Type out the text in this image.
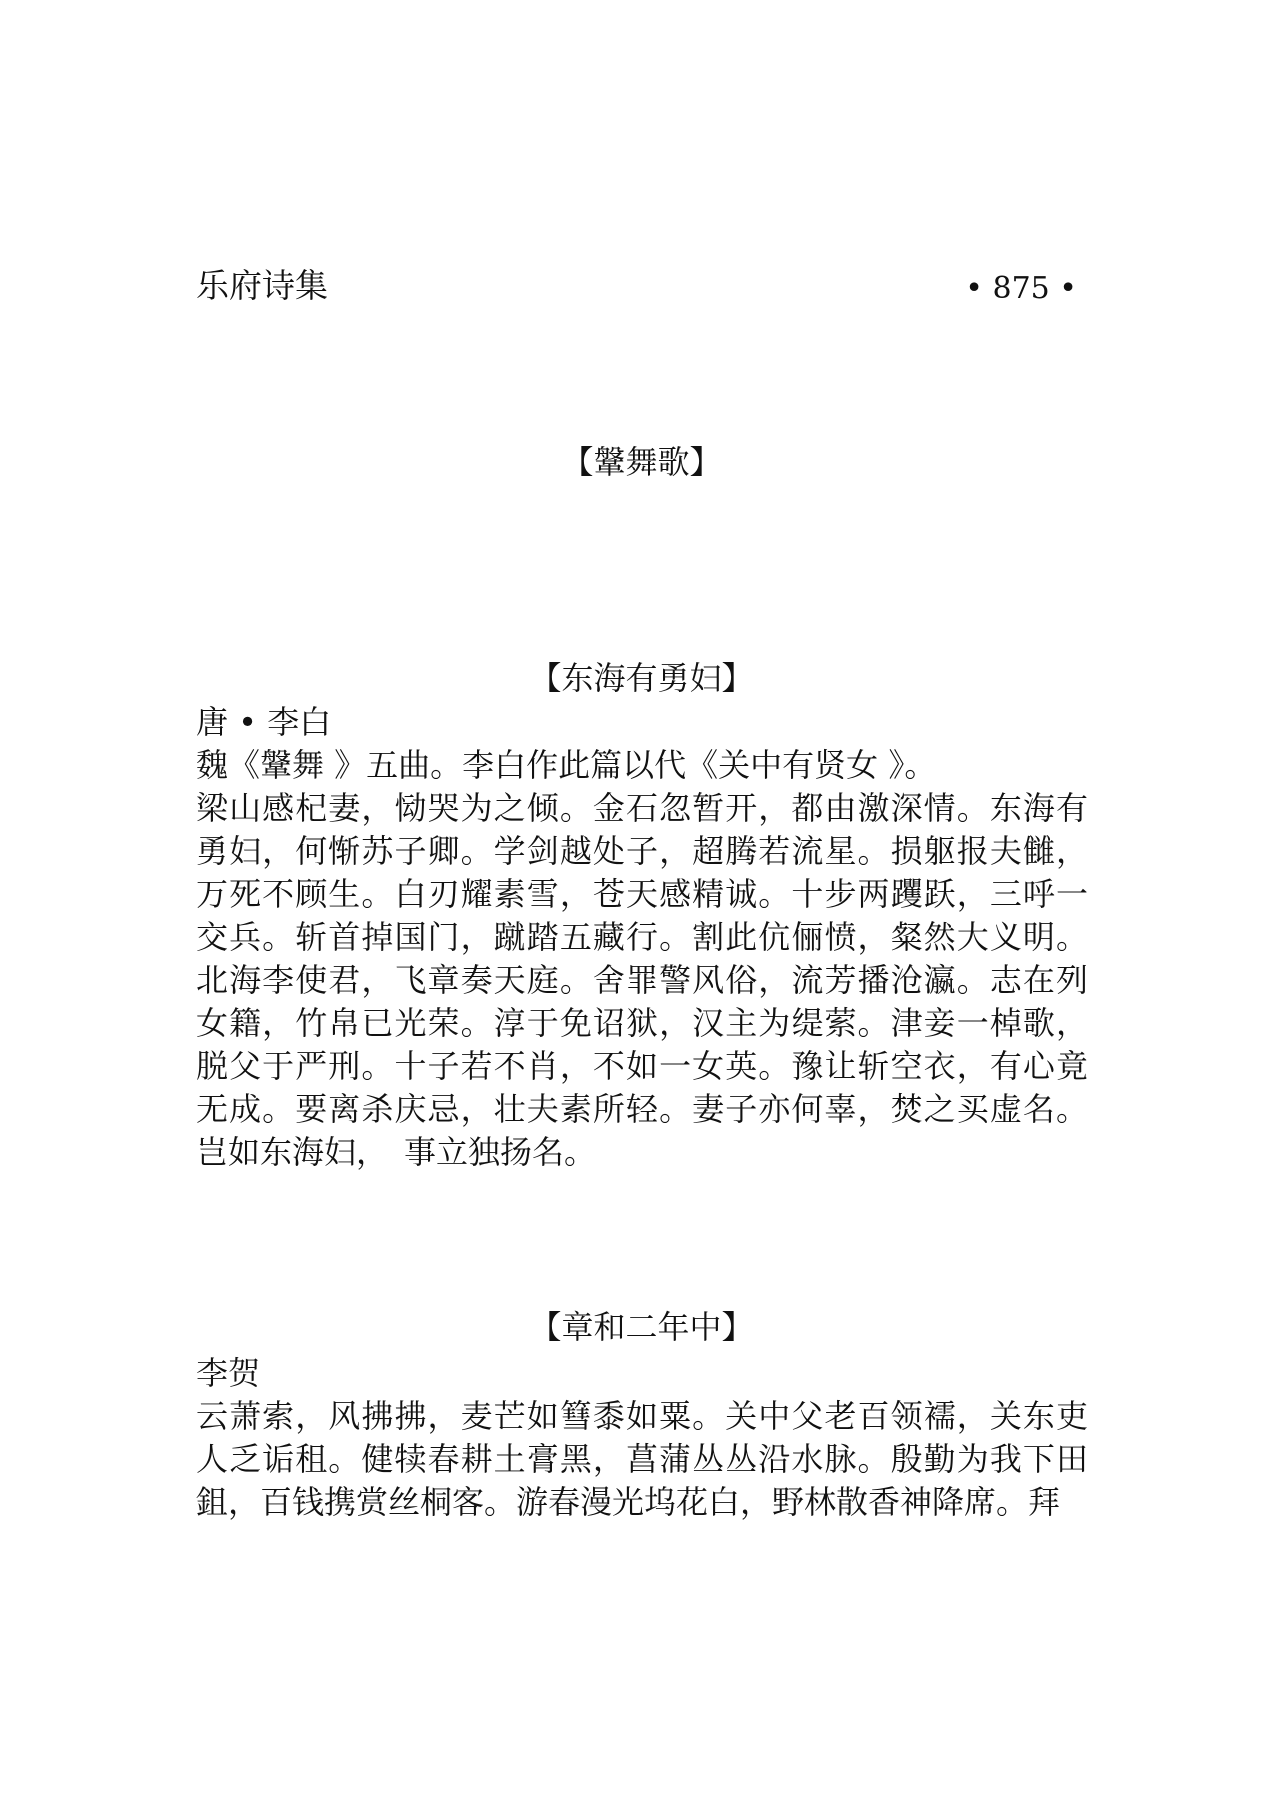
乐府诗集	• 875 •
【鞶舞歌】
【东海有勇妇】

唐 • 李白

魏《鞶舞 》五曲。李白作此篇以代《关中有贤女 》。

梁山感杞妻，恸哭为之倾。金石忽暂开，都由激深情。东海有勇妇，何惭苏子卿。学剑越处子，超腾若流星。损躯报夫雠，万死不顾生。白刃耀素雪，苍天感精诚。十步两躩跃，三呼一交兵。斩首掉国门，蹴踏五藏行。割此伉俪愤，粲然大义明。北海李使君，飞章奏天庭。舍罪警风俗，流芳播沧瀛。志在列女籍，竹帛已光荣。淳于免诏狱，汉主为缇萦。津妾一棹歌，脱父于严刑。十子若不肖，不如一女英。豫让斩空衣，有心竟无成。要离杀庆忌，壮夫素所轻。妻子亦何辜，焚之买虚名。岂如东海妇，　事立独扬名。

【章和二年中】

李贺

云萧索，风拂拂，麦芒如篲黍如粟。关中父老百领襦，关东吏人乏诟租。健犊春耕土膏黑，菖蒲丛丛沿水脉。殷勤为我下田鉏，百钱携赏丝桐客。游春漫光坞花白，野林散香神降席。拜
